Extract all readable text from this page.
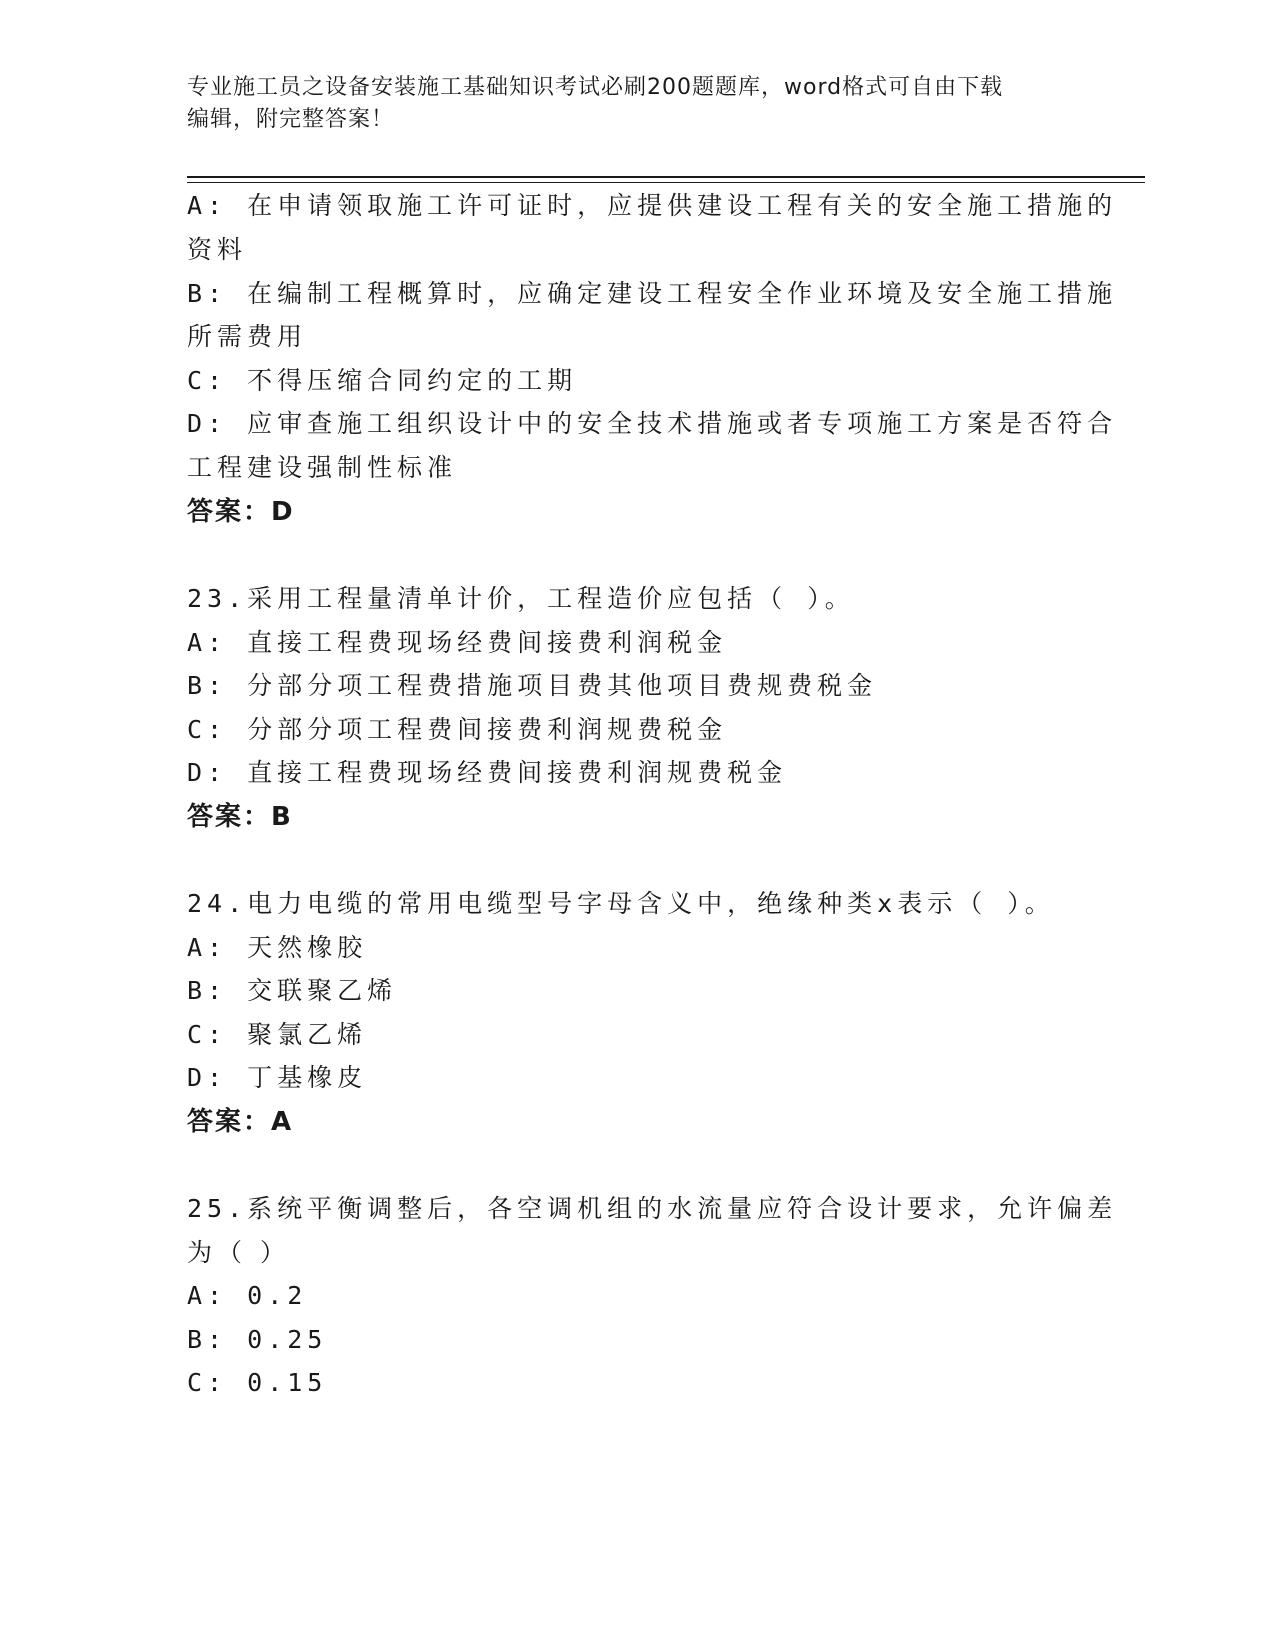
专业施工员之设备安装施工基础知识考试必刷200题题库，word格式可自由下载
编辑，附完整答案！
A: 在申请领取施工许可证时，应提供建设工程有关的安全施工措施的
资料
B: 在编制工程概算时，应确定建设工程安全作业环境及安全施工措施
所需费用
C: 不得压缩合同约定的工期
D: 应审查施工组织设计中的安全技术措施或者专项施工方案是否符合
工程建设强制性标准
答案：D
23.采用工程量清单计价，工程造价应包括（ ）。
A: 直接工程费现场经费间接费利润税金
B: 分部分项工程费措施项目费其他项目费规费税金
C: 分部分项工程费间接费利润规费税金
D: 直接工程费现场经费间接费利润规费税金
答案：B
24.电力电缆的常用电缆型号字母含义中，绝缘种类x表示（ ）。
A: 天然橡胶
B: 交联聚乙烯
C: 聚氯乙烯
D: 丁基橡皮
答案：A
25.系统平衡调整后，各空调机组的水流量应符合设计要求，允许偏差
为（ ）
A: 0.2
B: 0.25
C: 0.15
